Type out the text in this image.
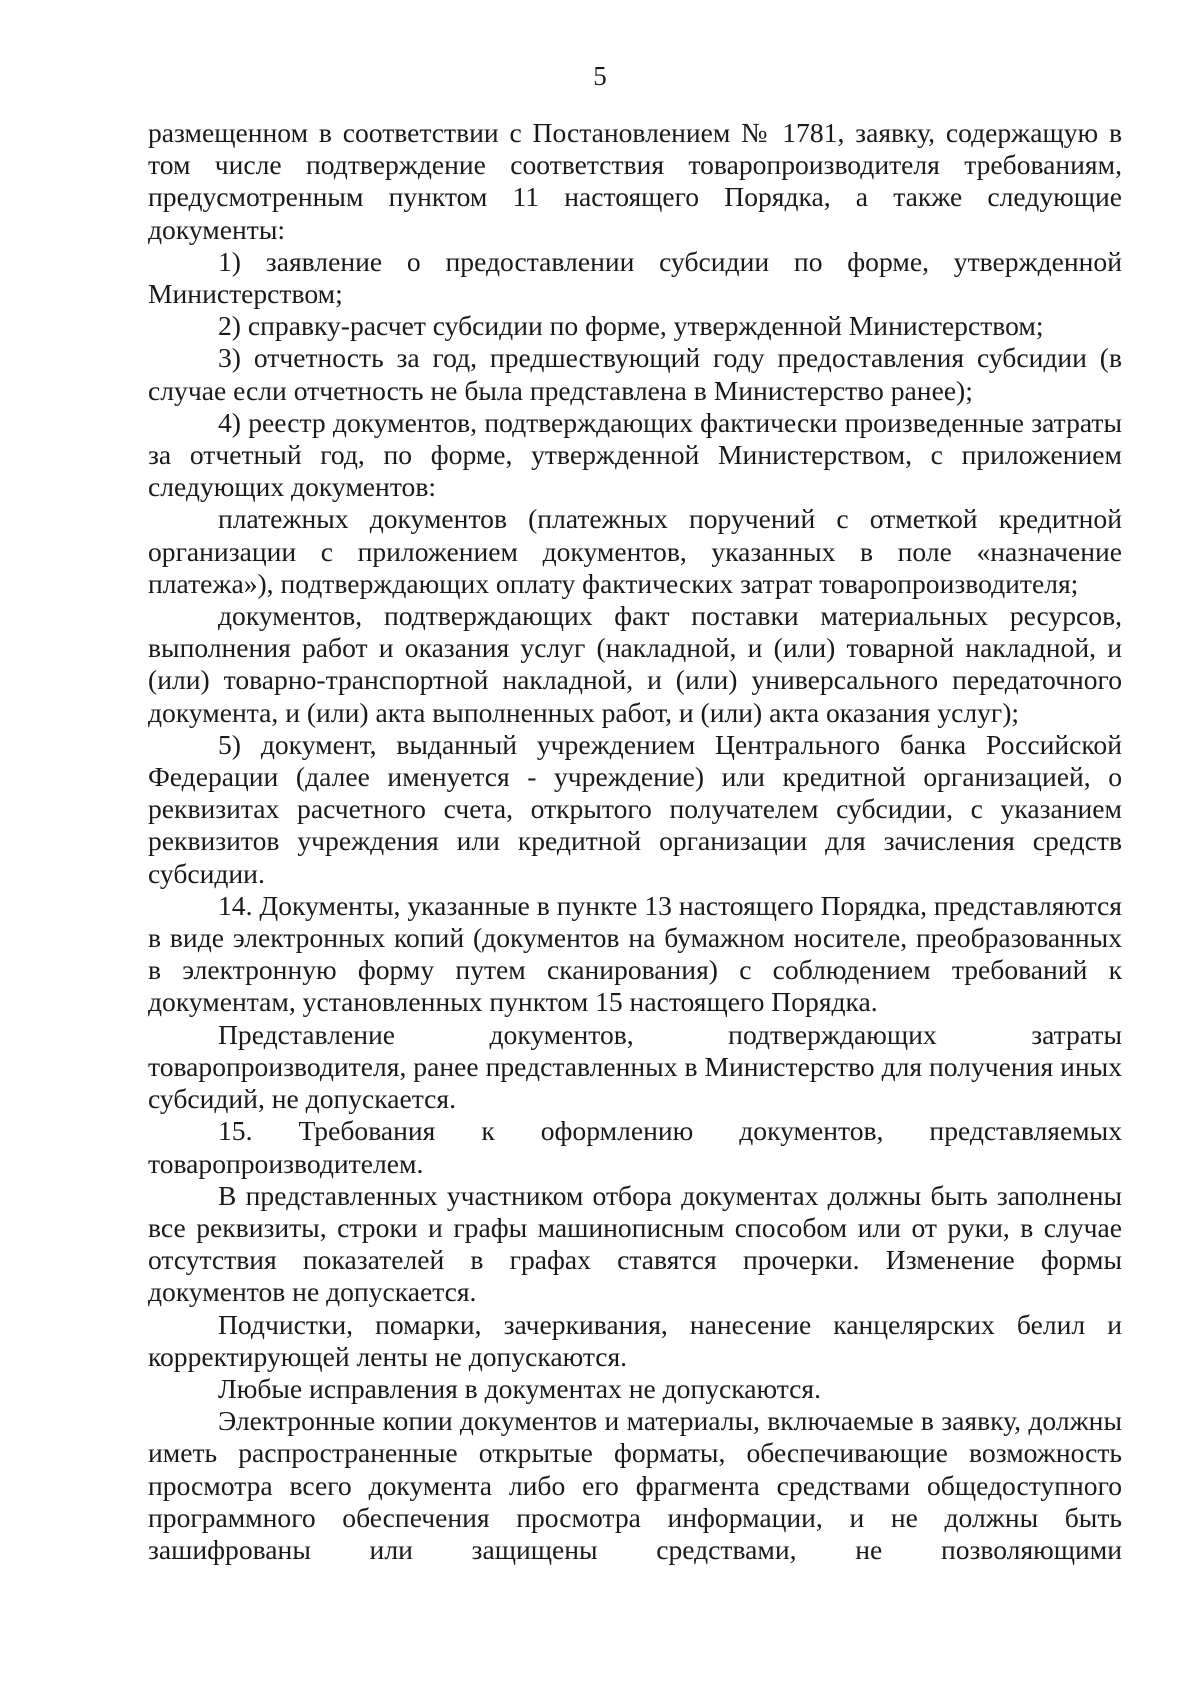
5

размещенном в соответствии с Постановлением № 1781, заявку, содержащую в том числе подтверждение соответствия товаропроизводителя требованиям, предусмотренным пунктом 11 настоящего Порядка, а также следующие документы:

1) заявление о предоставлении субсидии по форме, утвержденной Министерством;

2) справку-расчет субсидии по форме, утвержденной Министерством;

3) отчетность за год, предшествующий году предоставления субсидии (в случае если отчетность не была представлена в Министерство ранее);

4) реестр документов, подтверждающих фактически произведенные затраты за отчетный год, по форме, утвержденной Министерством, с приложением следующих документов:

платежных документов (платежных поручений с отметкой кредитной организации с приложением документов, указанных в поле «назначение платежа»), подтверждающих оплату фактических затрат товаропроизводителя;

документов, подтверждающих факт поставки материальных ресурсов, выполнения работ и оказания услуг (накладной, и (или) товарной накладной, и (или) товарно-транспортной накладной, и (или) универсального передаточного документа, и (или) акта выполненных работ, и (или) акта оказания услуг);

5) документ, выданный учреждением Центрального банка Российской Федерации (далее именуется - учреждение) или кредитной организацией, о реквизитах расчетного счета, открытого получателем субсидии, с указанием реквизитов учреждения или кредитной организации для зачисления средств субсидии.

14. Документы, указанные в пункте 13 настоящего Порядка, представляются в виде электронных копий (документов на бумажном носителе, преобразованных в электронную форму путем сканирования) с соблюдением требований к документам, установленных пунктом 15 настоящего Порядка.

Представление документов, подтверждающих затраты товаропроизводителя, ранее представленных в Министерство для получения иных субсидий, не допускается.

15. Требования к оформлению документов, представляемых товаропроизводителем.

В представленных участником отбора документах должны быть заполнены все реквизиты, строки и графы машинописным способом или от руки, в случае отсутствия показателей в графах ставятся прочерки. Изменение формы документов не допускается.

Подчистки, помарки, зачеркивания, нанесение канцелярских белил и корректирующей ленты не допускаются.

Любые исправления в документах не допускаются.

Электронные копии документов и материалы, включаемые в заявку, должны иметь распространенные открытые форматы, обеспечивающие возможность просмотра всего документа либо его фрагмента средствами общедоступного программного обеспечения просмотра информации, и не должны быть зашифрованы или защищены средствами, не позволяющими
